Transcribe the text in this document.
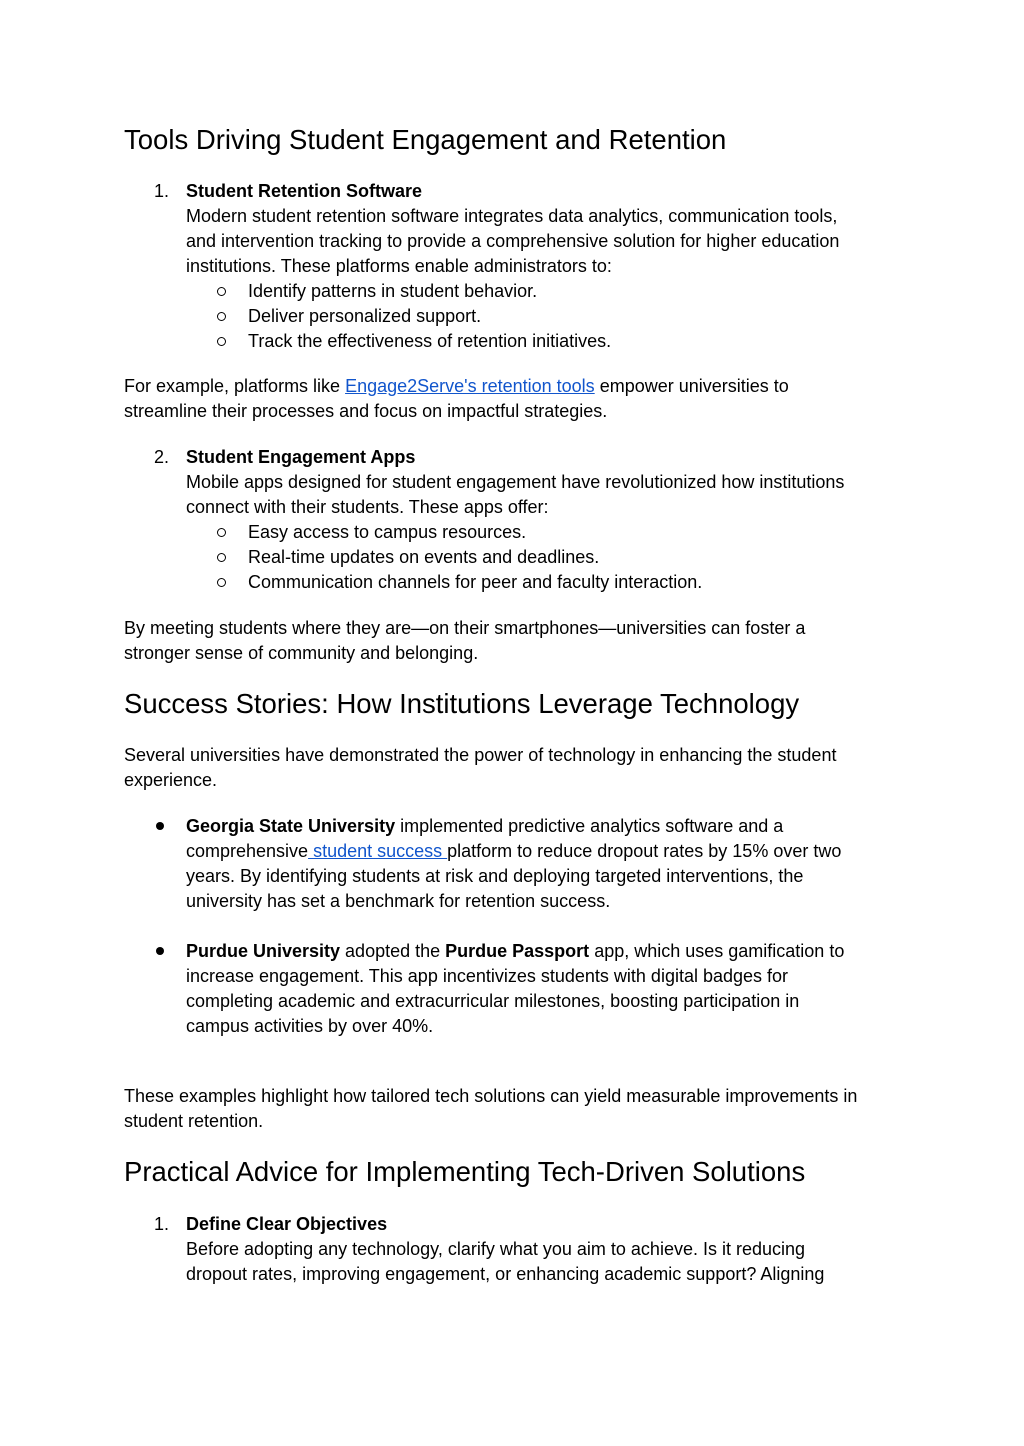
Tools Driving Student Engagement and Retention
1. Student Retention Software
Modern student retention software integrates data analytics, communication tools,
and intervention tracking to provide a comprehensive solution for higher education
institutions. These platforms enable administrators to:
Identify patterns in student behavior.
Deliver personalized support.
Track the effectiveness of retention initiatives.
For example, platforms like Engage2Serve's retention tools empower universities to
streamline their processes and focus on impactful strategies.
2. Student Engagement Apps
Mobile apps designed for student engagement have revolutionized how institutions
connect with their students. These apps offer:
Easy access to campus resources.
Real-time updates on events and deadlines.
Communication channels for peer and faculty interaction.
By meeting students where they are—on their smartphones—universities can foster a
stronger sense of community and belonging.
Success Stories: How Institutions Leverage Technology
Several universities have demonstrated the power of technology in enhancing the student
experience.
Georgia State University implemented predictive analytics software and a
comprehensive student success platform to reduce dropout rates by 15% over two
years. By identifying students at risk and deploying targeted interventions, the
university has set a benchmark for retention success.
Purdue University adopted the Purdue Passport app, which uses gamification to
increase engagement. This app incentivizes students with digital badges for
completing academic and extracurricular milestones, boosting participation in
campus activities by over 40%.
These examples highlight how tailored tech solutions can yield measurable improvements in
student retention.
Practical Advice for Implementing Tech-Driven Solutions
1. Define Clear Objectives
Before adopting any technology, clarify what you aim to achieve. Is it reducing
dropout rates, improving engagement, or enhancing academic support? Aligning
